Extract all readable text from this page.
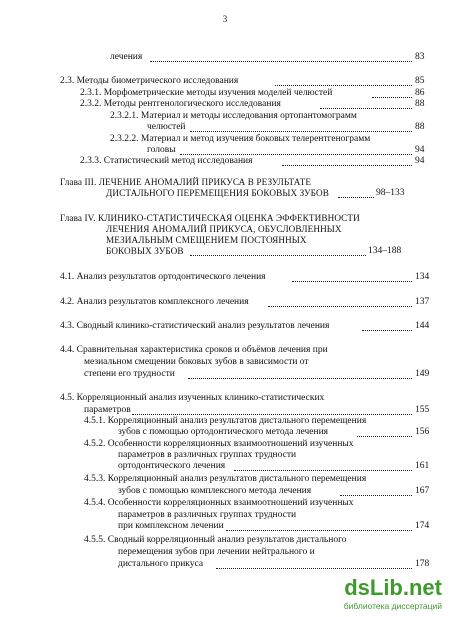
3
лечения	83
2.3. Методы биометрического исследования	85
2.3.1. Морфометрические методы изучения моделей челюстей	86
2.3.2. Методы рентгенологического исследования	88
2.3.2.1. Материал и методы исследования ортопантомограмм
челюстей	88
2.3.2.2. Материал и метод изучения боковых телерентгенограмм
головы	94
2.3.3. Статистический метод исследования	94
Глава III. ЛЕЧЕНИЕ АНОМАЛИЙ ПРИКУСА В РЕЗУЛЬТАТЕ
ДИСТАЛЬНОГО ПЕРЕМЕЩЕНИЯ БОКОВЫХ ЗУБОВ	98–133
Глава IV. КЛИНИКО-СТАТИСТИЧЕСКАЯ ОЦЕНКА ЭФФЕКТИВНОСТИ
ЛЕЧЕНИЯ АНОМАЛИЙ ПРИКУСА, ОБУСЛОВЛЕННЫХ
МЕЗИАЛЬНЫМ СМЕЩЕНИЕМ ПОСТОЯННЫХ
БОКОВЫХ ЗУБОВ	134–188
4.1. Анализ результатов ортодонтического лечения	134
4.2. Анализ результатов комплексного лечения	137
4.3. Сводный клинико-статистический анализ результатов лечения	144
4.4. Сравнительная характеристика сроков и объёмов лечения при
мезиальном смещении боковых зубов в зависимости от
степени его трудности	149
4.5. Корреляционный анализ изученных клинико-статистических
параметров	155
4.5.1. Корреляционный анализ результатов дистального перемещения
зубов с помощью ортодонтического метода лечения	156
4.5.2. Особенности корреляционных взаимоотношений изученных
параметров в различных группах трудности
ортодонтического лечения	161
4.5.3. Корреляционный анализ результатов дистального перемещения
зубов с помощью комплексного метода лечения	167
4.5.4. Особенности корреляционных взаимоотношений изученных
параметров в различных группах трудности
при комплексном лечении	174
4.5.5. Сводный корреляционный анализ результатов дистального
перемещения зубов при лечении нейтрального и
дистального прикуса	178
dsLib.net
библиотека диссертаций
